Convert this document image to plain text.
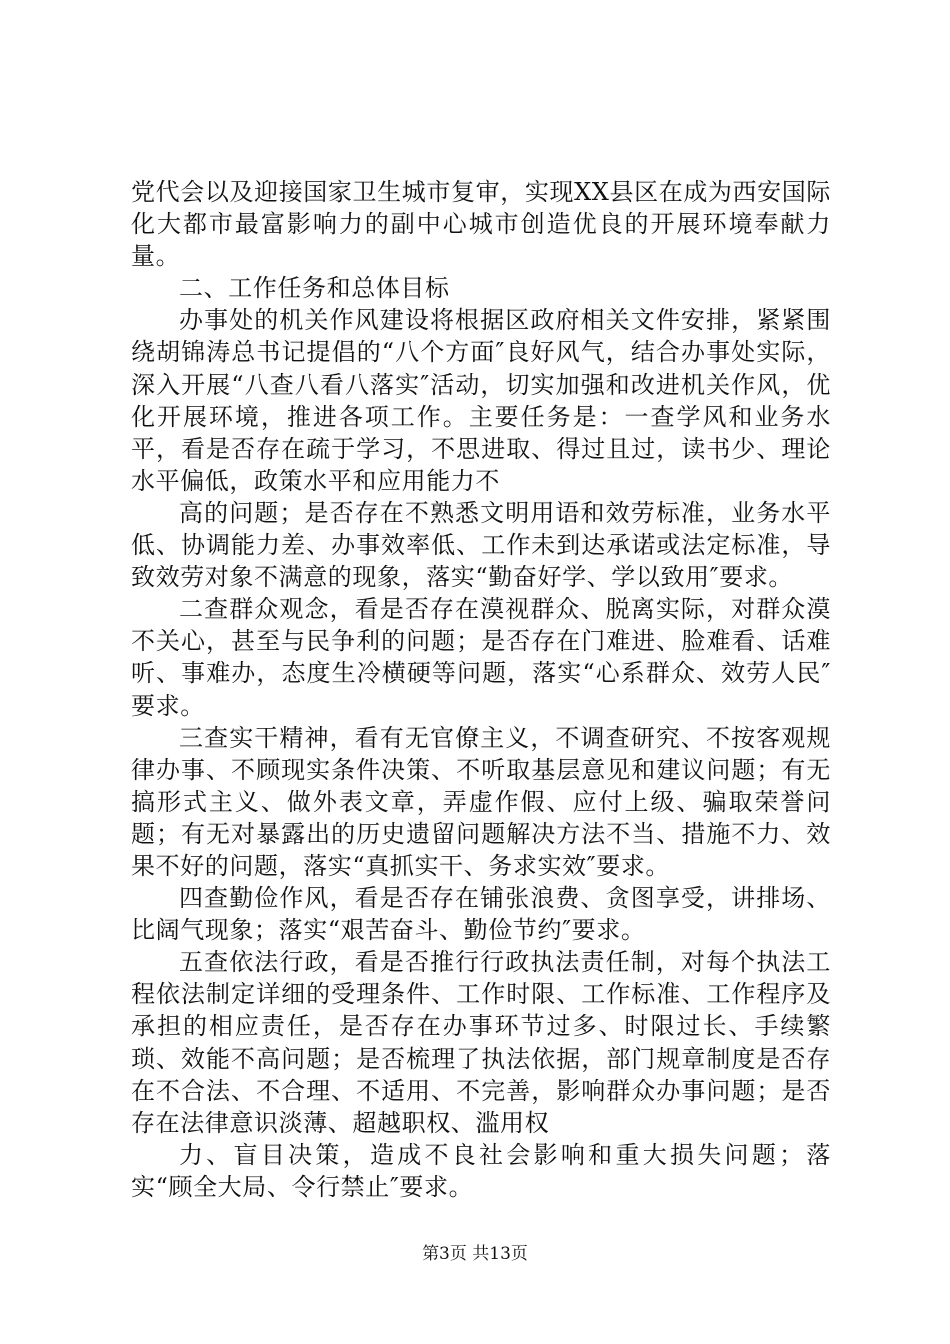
党代会以及迎接国家卫生城市复审，实现XX县区在成为西安国际化大都市最富影响力的副中心城市创造优良的开展环境奉献力量。

二、工作任务和总体目标

办事处的机关作风建设将根据区政府相关文件安排，紧紧围绕胡锦涛总书记提倡的“八个方面″良好风气，结合办事处实际，深入开展“八查八看八落实″活动，切实加强和改进机关作风，优化开展环境，推进各项工作。主要任务是：一查学风和业务水平，看是否存在疏于学习，不思进取、得过且过，读书少、理论水平偏低，政策水平和应用能力不

高的问题；是否存在不熟悉文明用语和效劳标准，业务水平低、协调能力差、办事效率低、工作未到达承诺或法定标准，导致效劳对象不满意的现象，落实“勤奋好学、学以致用″要求。

二查群众观念，看是否存在漠视群众、脱离实际，对群众漠不关心，甚至与民争利的问题；是否存在门难进、脸难看、话难听、事难办，态度生冷横硬等问题，落实“心系群众、效劳人民″要求。

三查实干精神，看有无官僚主义，不调查研究、不按客观规律办事、不顾现实条件决策、不听取基层意见和建议问题；有无搞形式主义、做外表文章，弄虚作假、应付上级、骗取荣誉问题；有无对暴露出的历史遗留问题解决方法不当、措施不力、效果不好的问题，落实“真抓实干、务求实效″要求。

四查勤俭作风，看是否存在铺张浪费、贪图享受，讲排场、比阔气现象；落实“艰苦奋斗、勤俭节约″要求。

五查依法行政，看是否推行行政执法责任制，对每个执法工程依法制定详细的受理条件、工作时限、工作标准、工作程序及承担的相应责任，是否存在办事环节过多、时限过长、手续繁琐、效能不高问题；是否梳理了执法依据，部门规章制度是否存在不合法、不合理、不适用、不完善，影响群众办事问题；是否存在法律意识淡薄、超越职权、滥用权

力、盲目决策，造成不良社会影响和重大损失问题；落实“顾全大局、令行禁止″要求。

第3页 共13页
